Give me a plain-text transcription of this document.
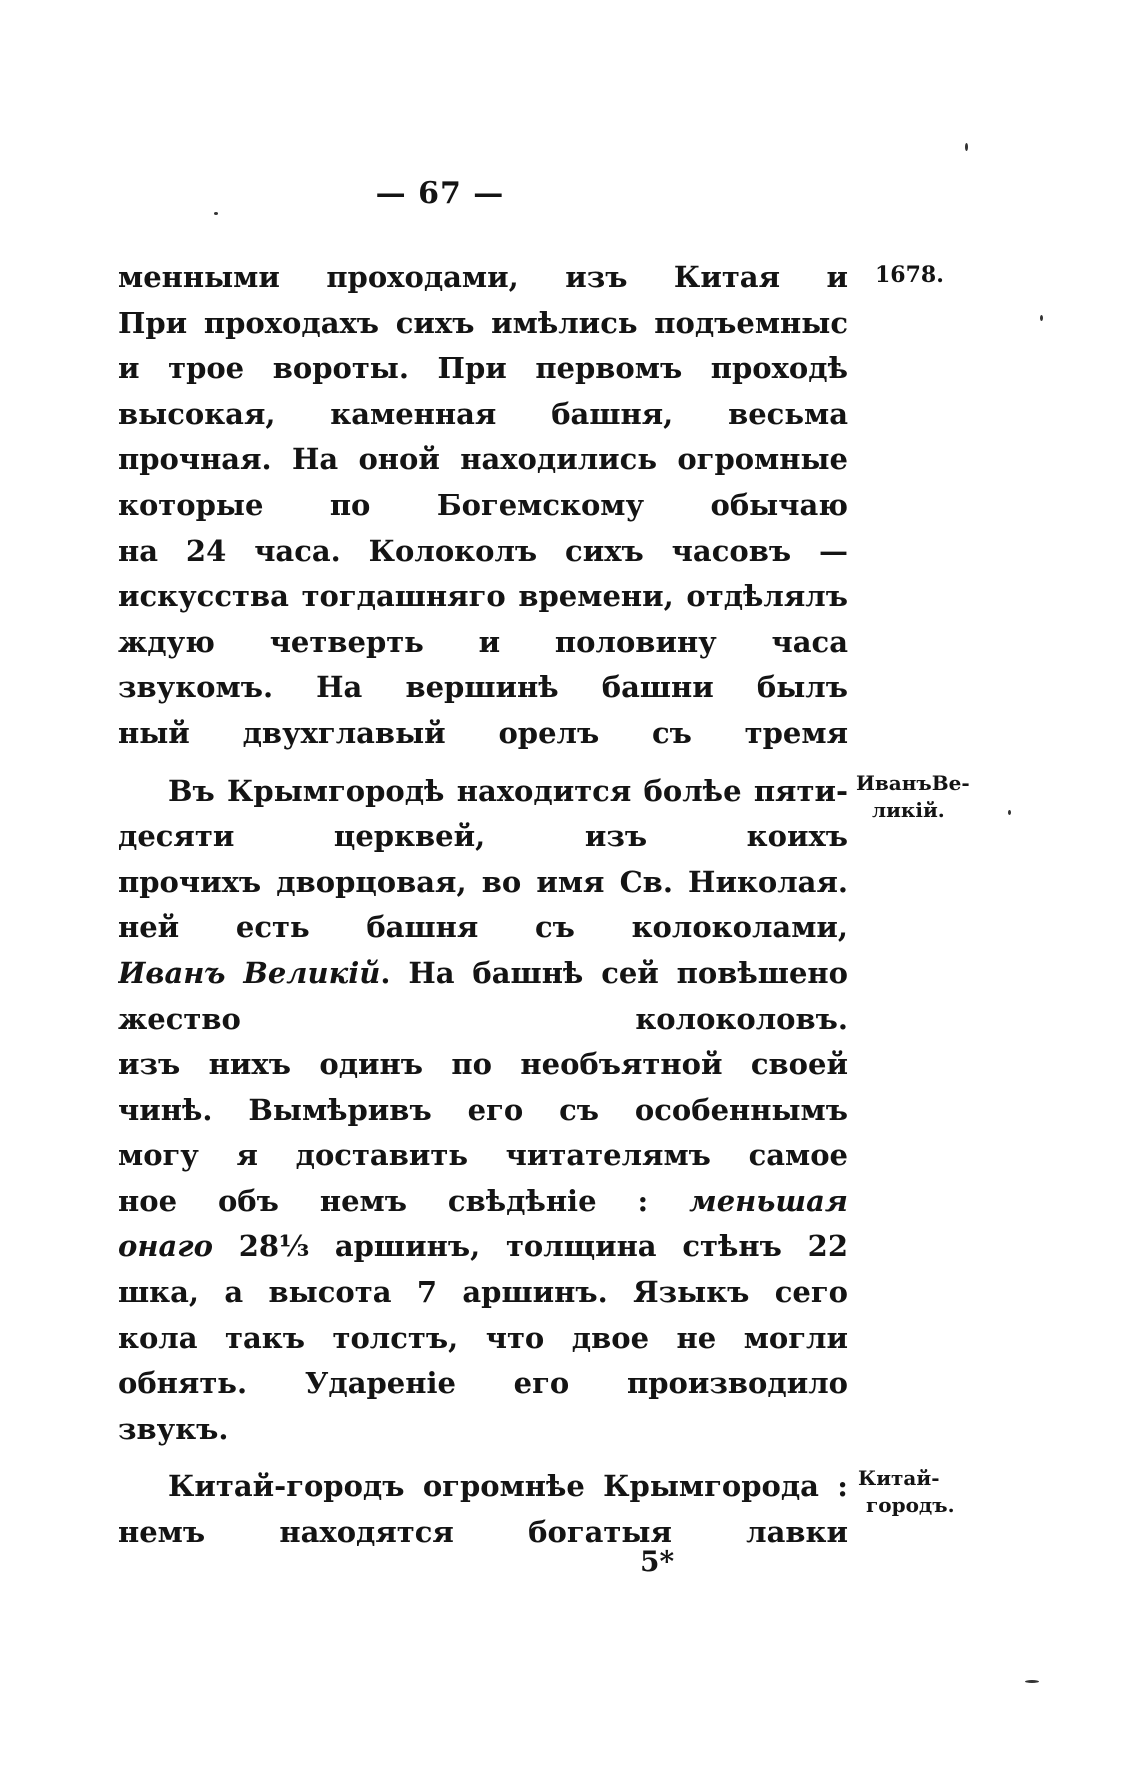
— 67 —
менными проходами, изъ Китая и
При проходахъ сихъ имѣлись подъемныс
и трое вороты. При первомъ проходѣ
высокая, каменная башня, весьма
прочная. На оной находились огромные
которые по Богемскому обычаю
на 24 часа. Колоколъ сихъ часовъ —
искусства тогдашняго времени, отдѣлялъ
ждую четверть и половину часа
звукомъ. На вершинѣ башни былъ
ный двухглавый орелъ съ тремя
Въ Крымгородѣ находится болѣе пяти-
десяти церквей, изъ коихъ
прочихъ дворцовая, во имя Св. Николая.
ней есть башня съ колоколами,
Иванъ Великій. На башнѣ сей повѣшено
жество колоколовъ.
изъ нихъ одинъ по необъятной своей
чинѣ. Вымѣривъ его съ особеннымъ
могу я доставить читателямъ самое
ное объ немъ свѣдѣніе : меньшая
онаго 28⅓ аршинъ, толщина стѣнъ 22
шка, а высота 7 аршинъ. Языкъ сего
кола такъ толстъ, что двое не могли
обнять. Удареніе его производило
звукъ.
Китай-городъ огромнѣе Крымгорода :
немъ находятся богатыя лавки
1678.
ИванъВе-
ликій.
Китай-
городъ.
5*
